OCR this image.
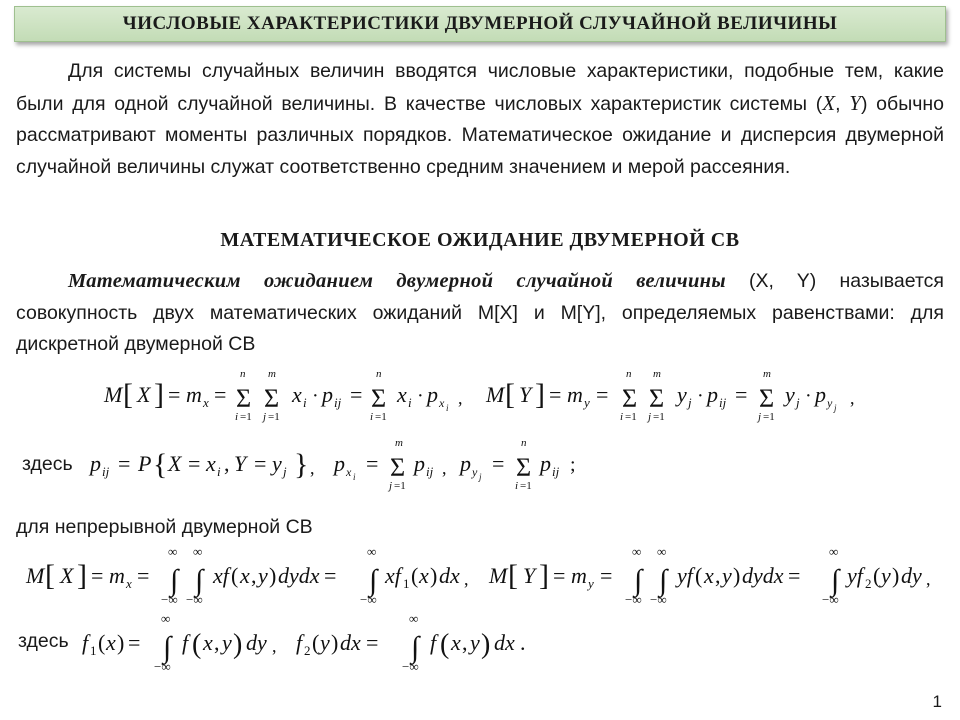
ЧИСЛОВЫЕ ХАРАКТЕРИСТИКИ ДВУМЕРНОЙ СЛУЧАЙНОЙ ВЕЛИЧИНЫ
Для системы случайных величин вводятся числовые характеристики, подобные тем, какие были для одной случайной величины. В качестве числовых характеристик системы (X, Y) обычно рассматривают моменты различных порядков. Математическое ожидание и дисперсия двумерной случайной величины служат соответственно средним значением и мерой рассеяния.
МАТЕМАТИЧЕСКОЕ ОЖИДАНИЕ ДВУМЕРНОЙ СВ
Математическим ожиданием двумерной случайной величины (X, Y) называется совокупность двух математических ожиданий M[X] и M[Y], определяемых равенствами: для дискретной двумерной СВ
M [ X ] = m x =
n
Σ
i =1
m
Σ
j =1
x i · p ij =
n
Σ
i =1
x i · p x i , M [ Y ] = m y =
n
Σ
i =1
m
Σ
j =1
y j · p ij =
m
Σ
j =1
y j · p y j ,
p ij = P { X = x i , Y = y j } , p x i
=
m
Σ
j =1
p ij , p y j
=
n
Σ
i =1
p ij ;
M [ X ] = m x =
∞
∫
−∞
∞
∫
−∞
xf ( x , y ) dydx =
∞
∫
−∞
xf 1 ( x ) dx , M [ Y ] = m y =
∞
∫
−∞
∞
∫
−∞
yf ( x , y ) dydx =
∞
∫
−∞
yf 2 ( y ) dy ,
f 1 ( x ) =
∞
∫
−∞
f ( x , y ) dy , f 2 ( y ) dx =
∞
∫
−∞
f ( x , y ) dx .
здесь
для непрерывной двумерной СВ
здесь
1
